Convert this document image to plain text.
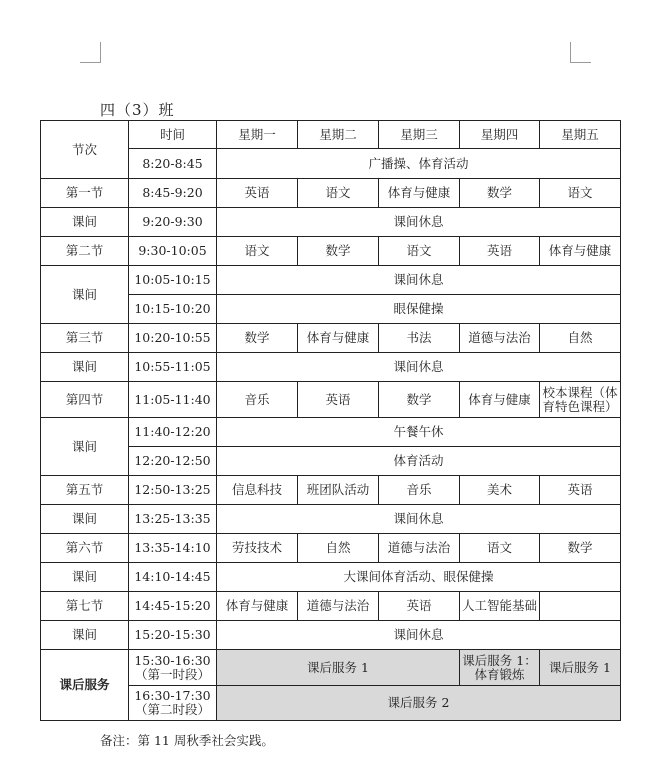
四（3）班
节次	时间	星期一	星期二	星期三	星期四	星期五
	8:20-8:45	广播操、体育活动				
第一节	8:45-9:20	英语	语文	体育与健康	数学	语文
课间	9:20-9:30	课间休息				
第二节	9:30-10:05	语文	数学	语文	英语	体育与健康
课间	10:05-10:15	课间休息				
	10:15-10:20	眼保健操				
第三节	10:20-10:55	数学	体育与健康	书法	道德与法治	自然
课间	10:55-11:05	课间休息				
第四节	11:05-11:40	音乐	英语	数学	体育与健康	校本课程（体育特色课程）
课间	11:40-12:20	午餐午休				
	12:20-12:50	体育活动				
第五节	12:50-13:25	信息科技	班团队活动	音乐	美术	英语
课间	13:25-13:35	课间休息				
第六节	13:35-14:10	劳技技术	自然	道德与法治	语文	数学
课间	14:10-14:45	大课间体育活动、眼保健操				
第七节	14:45-15:20	体育与健康	道德与法治	英语	人工智能基础	
课间	15:20-15:30	课间休息				
课后服务	15:30-16:30（第一时段）	课后服务 1			课后服务 1：体育锻炼	课后服务 1
	16:30-17:30（第二时段）	课后服务 2				
备注：第 11 周秋季社会实践。
